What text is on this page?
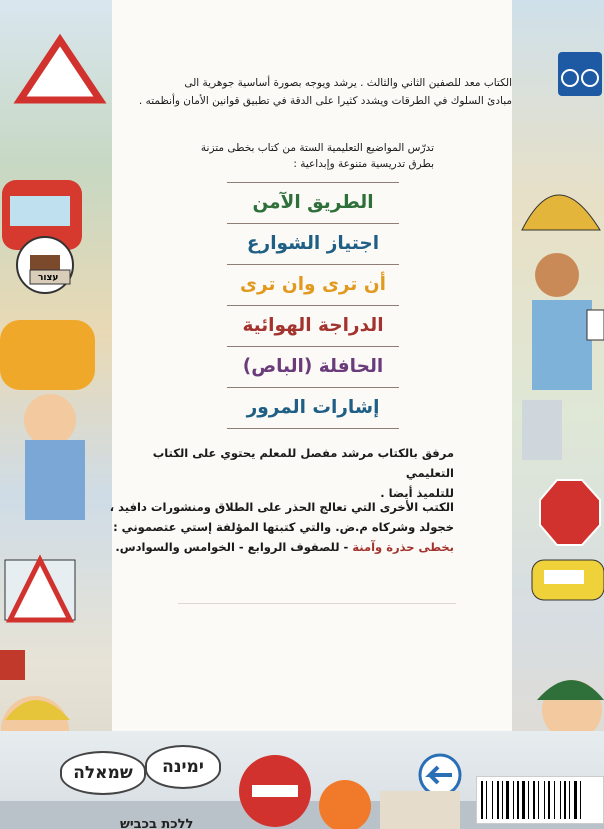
עצור
ימינה
שמאלה
ללכת בכביש
الكتاب معد للصفين الثاني والثالث . يرشد ويوجه بصورة أساسية جوهرية الى
مبادئ السلوك في الطرقات ويشدد كثيرا على الدقة في تطبيق قوانين الأمان وأنظمته .
تدرّس المواضيع التعليمية الستة من كتاب بخطى متزنة
بطرق تدريسية متنوعة وإبداعية :
الطريق الآمن
اجتياز الشوارع
أن ترى وان ترى
الدراجة الهوائية
الحافلة (الباص)
إشارات المرور
مرفق بالكتاب مرشد مفصل للمعلم يحتوي على الكتاب التعليمي
للتلميذ أيضا .
الكتب الأخرى التي تعالج الحذر على الطلاق ومنشورات دافيد ،
خجولد وشركاه م.ض. والتي كتبتها المؤلفة إستي عتصموني :
بخطى حذرة وآمنة - للصفوف الروابع - الخوامس والسوادس.
